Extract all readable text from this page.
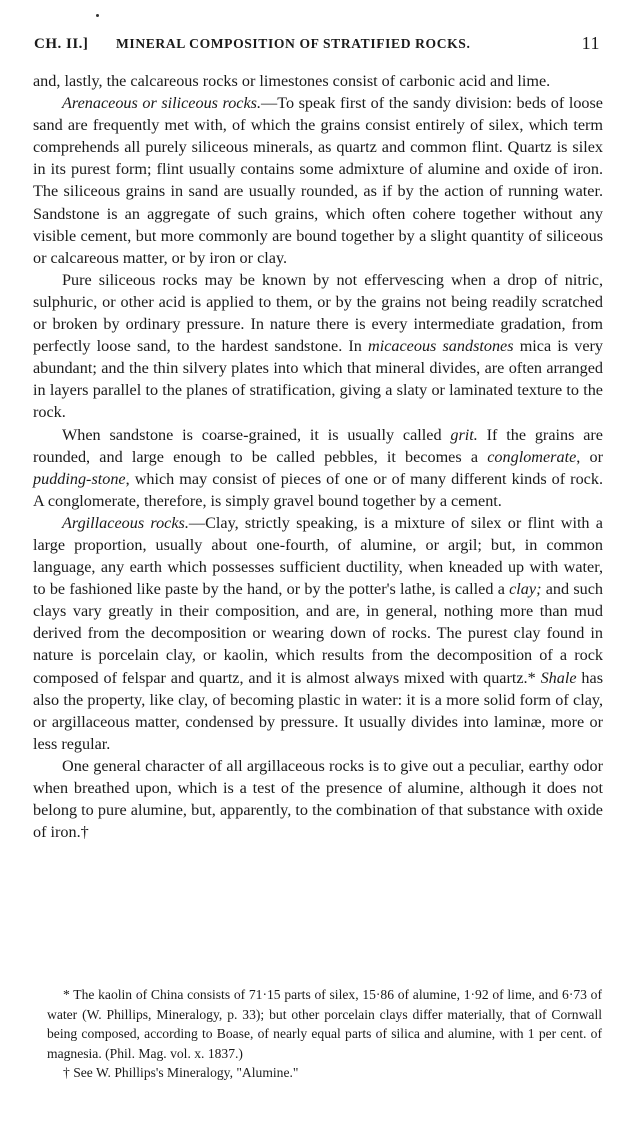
CH. II.] MINERAL COMPOSITION OF STRATIFIED ROCKS.	11

and, lastly, the calcareous rocks or limestones consist of carbonic acid and lime.

Arenaceous or siliceous rocks.—To speak first of the sandy division: beds of loose sand are frequently met with, of which the grains consist entirely of silex, which term comprehends all purely siliceous minerals, as quartz and common flint. Quartz is silex in its purest form; flint usually contains some admixture of alumine and oxide of iron. The siliceous grains in sand are usually rounded, as if by the action of running water. Sandstone is an aggregate of such grains, which often cohere together without any visible cement, but more commonly are bound together by a slight quantity of siliceous or calcareous matter, or by iron or clay.

Pure siliceous rocks may be known by not effervescing when a drop of nitric, sulphuric, or other acid is applied to them, or by the grains not being readily scratched or broken by ordinary pressure. In nature there is every intermediate gradation, from perfectly loose sand, to the hardest sandstone. In micaceous sandstones mica is very abundant; and the thin silvery plates into which that mineral divides, are often arranged in layers parallel to the planes of stratification, giving a slaty or laminated texture to the rock.

When sandstone is coarse-grained, it is usually called grit. If the grains are rounded, and large enough to be called pebbles, it becomes a conglomerate, or pudding-stone, which may consist of pieces of one or of many different kinds of rock. A conglomerate, therefore, is simply gravel bound together by a cement.

Argillaceous rocks.—Clay, strictly speaking, is a mixture of silex or flint with a large proportion, usually about one-fourth, of alumine, or argil; but, in common language, any earth which possesses sufficient ductility, when kneaded up with water, to be fashioned like paste by the hand, or by the potter's lathe, is called a clay; and such clays vary greatly in their composition, and are, in general, nothing more than mud derived from the decomposition or wearing down of rocks. The purest clay found in nature is porcelain clay, or kaolin, which results from the decomposition of a rock composed of felspar and quartz, and it is almost always mixed with quartz.* Shale has also the property, like clay, of becoming plastic in water: it is a more solid form of clay, or argillaceous matter, condensed by pressure. It usually divides into laminæ, more or less regular.

One general character of all argillaceous rocks is to give out a peculiar, earthy odor when breathed upon, which is a test of the presence of alumine, although it does not belong to pure alumine, but, apparently, to the combination of that substance with oxide of iron.†

* The kaolin of China consists of 71·15 parts of silex, 15·86 of alumine, 1·92 of lime, and 6·73 of water (W. Phillips, Mineralogy, p. 33); but other porcelain clays differ materially, that of Cornwall being composed, according to Boase, of nearly equal parts of silica and alumine, with 1 per cent. of magnesia. (Phil. Mag. vol. x. 1837.)

† See W. Phillips's Mineralogy, "Alumine."
